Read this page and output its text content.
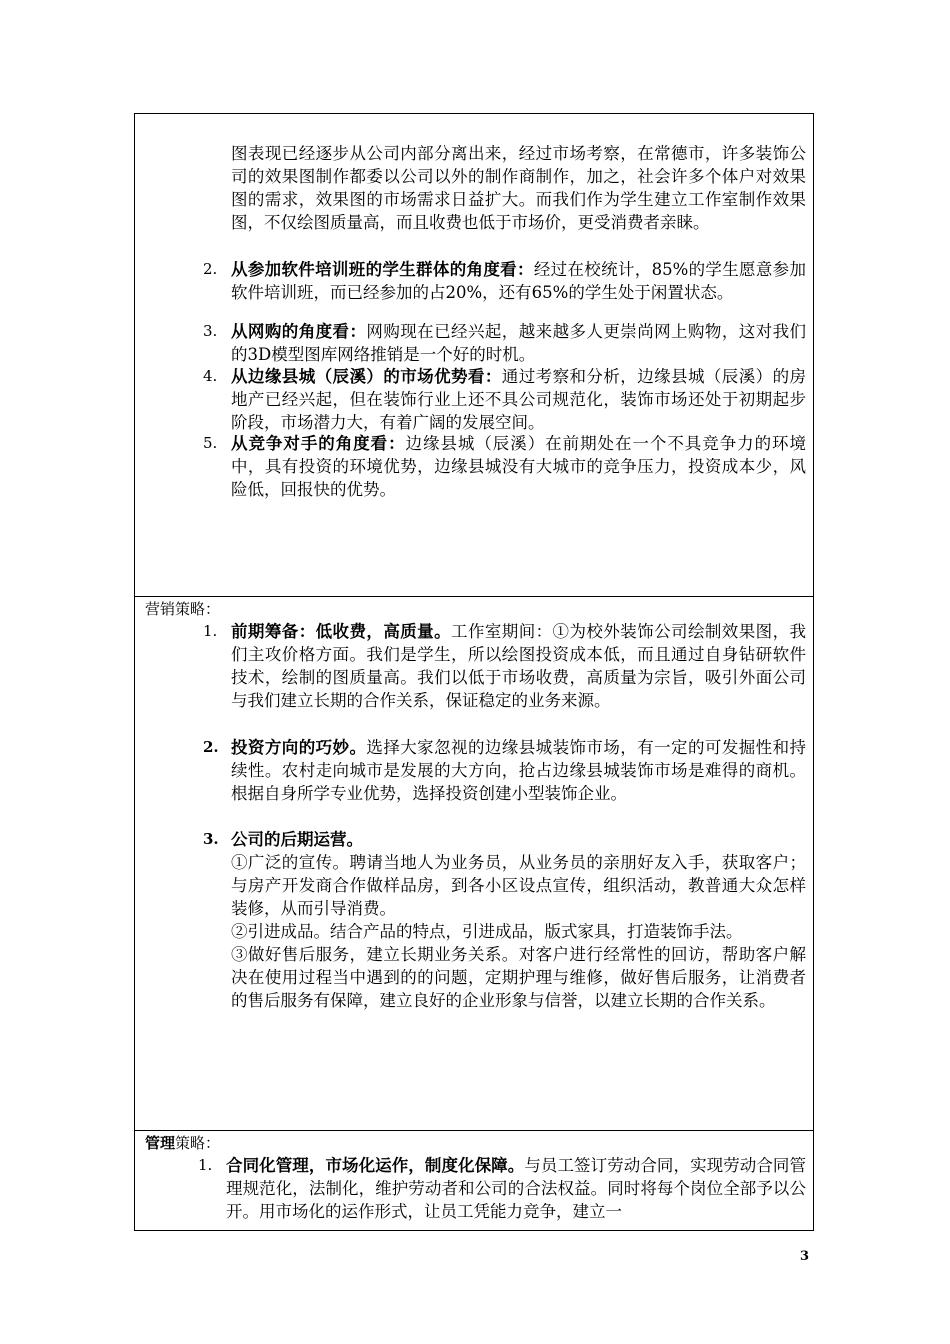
图表现已经逐步从公司内部分离出来，经过市场考察，在常德市，许多装饰公司的效果图制作都委以公司以外的制作商制作，加之，社会许多个体户对效果图的需求，效果图的市场需求日益扩大。而我们作为学生建立工作室制作效果图，不仅绘图质量高，而且收费也低于市场价，更受消费者亲睐。
2. 从参加软件培训班的学生群体的角度看：经过在校统计，85%的学生愿意参加软件培训班，而已经参加的占20%，还有65%的学生处于闲置状态。
3. 从网购的角度看：网购现在已经兴起，越来越多人更崇尚网上购物，这对我们的3D模型图库网络推销是一个好的时机。
4. 从边缘县城（辰溪）的市场优势看：通过考察和分析，边缘县城（辰溪）的房地产已经兴起，但在装饰行业上还不具公司规范化，装饰市场还处于初期起步阶段，市场潜力大，有着广阔的发展空间。
5. 从竞争对手的角度看：边缘县城（辰溪）在前期处在一个不具竞争力的环境中，具有投资的环境优势，边缘县城没有大城市的竞争压力，投资成本少，风险低，回报快的优势。
营销策略：
1. 前期筹备：低收费，高质量。工作室期间：①为校外装饰公司绘制效果图，我们主攻价格方面。我们是学生，所以绘图投资成本低，而且通过自身钻研软件技术，绘制的图质量高。我们以低于市场收费，高质量为宗旨，吸引外面公司与我们建立长期的合作关系，保证稳定的业务来源。
2. 投资方向的巧妙。选择大家忽视的边缘县城装饰市场，有一定的可发掘性和持续性。农村走向城市是发展的大方向，抢占边缘县城装饰市场是难得的商机。根据自身所学专业优势，选择投资创建小型装饰企业。
3. 公司的后期运营。
①广泛的宣传。聘请当地人为业务员，从业务员的亲朋好友入手，获取客户；与房产开发商合作做样品房，到各小区设点宣传，组织活动，教普通大众怎样装修，从而引导消费。
②引进成品。结合产品的特点，引进成品，版式家具，打造装饰手法。
③做好售后服务，建立长期业务关系。对客户进行经常性的回访，帮助客户解决在使用过程当中遇到的的问题，定期护理与维修，做好售后服务，让消费者的售后服务有保障，建立良好的企业形象与信誉，以建立长期的合作关系。
管理策略：
1. 合同化管理，市场化运作，制度化保障。与员工签订劳动合同，实现劳动合同管理规范化，法制化，维护劳动者和公司的合法权益。同时将每个岗位全部予以公开。用市场化的运作形式，让员工凭能力竞争，建立一
3
